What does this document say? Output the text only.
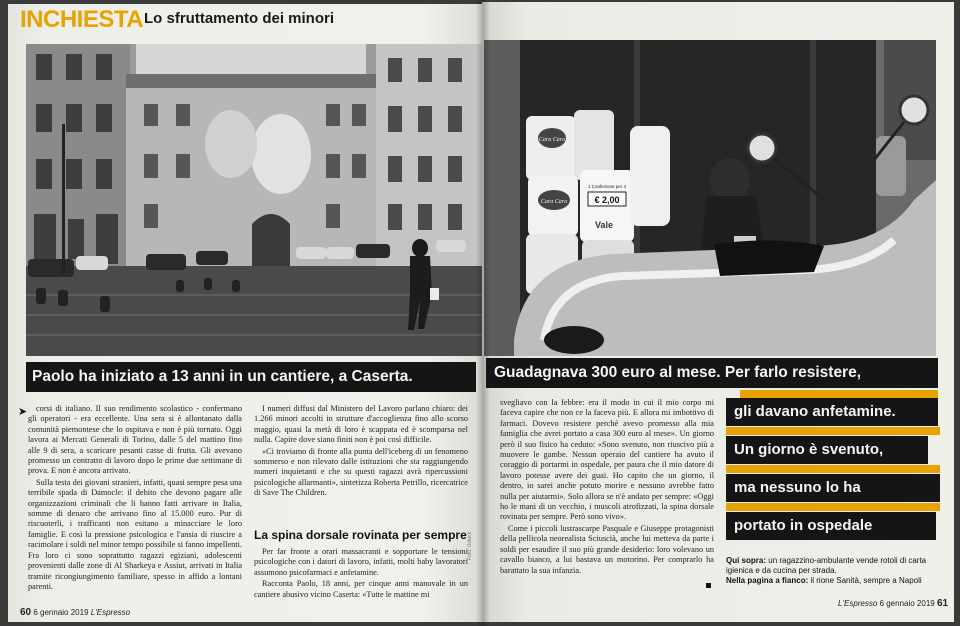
INCHIESTA Lo sfruttamento dei minori
€ 2,00
1 Confezione per 4
Cara Cara
Cara Cara
Vale
Paolo ha iniziato a 13 anni in un cantiere, a Caserta.	Guadagnava 300 euro al mese. Per farlo resistere,
gli davano anfetamine.
Un giorno è svenuto,
ma nessuno lo ha
portato in ospedale
➤	corsi di italiano. Il suo rendimento scolastico - confermano gli operatori - era eccellente. Una sera si è allontanato dalla comunità piemontese che lo ospitava e non è più tornato. Oggi lavora ai Mercati Generali di Torino, dalle 5 del mattino fino alle 9 di sera, a scaricare pesanti casse di frutta. Gli avevano promesso un contratto di lavoro dopo le prime due settimane di prova. E non è ancora arrivato.

Sulla testa dei giovani stranieri, infatti, quasi sempre pesa una terribile spada di Damocle: il debito che devono pagare alle organizzazioni criminali che li hanno fatti arrivare in Italia, somme di denaro che arrivano fino al 15.000 euro. Pur di riscuoterli, i trafficanti non esitano a minacciare le loro famiglie. E così la pressione psicologica e l'ansia di riuscire a racimolare i soldi nel minor tempo possibile si fanno impellenti. Fra loro ci sono soprattutto ragazzi egiziani, adolescenti provenienti dalle zone di Al Sharkeya e Assiut, arrivati in Italia tramite ricongiungimento familiare, spesso in affido a lontani parenti.

I numeri diffusi dal Ministero del Lavoro parlano chiaro: dei 1.266 minori accolti in strutture d'accoglienza fino allo scorso maggio, quasi la metà di loro è scappata ed è scomparsa nel nulla. Capire dove siano finiti non è poi così difficile.

«Ci troviamo di fronte alla punta dell'iceberg di un fenomeno sommerso e non rilevato dalle istituzioni che sta raggiungendo numeri inquietanti e che su questi ragazzi avrà ripercussioni psicologiche allarmanti», sintetizza Roberta Petrillo, ricercatrice di Save The Children.

La spina dorsale rovinata per sempre

Per far fronte a orari massacranti e sopportare le tensioni psicologiche con i datori di lavoro, infatti, molti baby lavoratori assumono psicofarmaci e anfetamine.

Racconta Paolo, 18 anni, per cinque anni manovale in un cantiere abusivo vicino Caserta: «Tutte le mattine mi

svegliavo con la febbre: era il modo in cui il mio corpo mi faceva capire che non ce la faceva più. E allora mi imbottivo di farmaci. Dovevo resistere perché avevo promesso alla mia famiglia che avrei portato a casa 300 euro al mese». Un giorno però il suo fisico ha ceduto: «Sono svenuto, non riuscivo più a muovere le gambe. Nessun operaio del cantiere ha avuto il coraggio di portarmi in ospedale, per paura che il mio datore di lavoro potesse avere dei guai. Ho capito che un giorno, il dentro, io sarei anche potuto morire e nessuno avrebbe fatto nulla per aiutarmi». Solo allora se n'è andato per sempre: «Oggi ho le mani di un vecchio, i muscoli atrofizzati, la spina dorsale rovinata per sempre. Però sono vivo».

Come i piccoli lustrascarpe Pasquale e Giuseppe protagonisti della pellicola neorealista Sciuscià, anche lui metteva da parte i soldi per esaudire il suo più grande desiderio: loro volevano un cavallo bianco, a lui bastava un motorino. Per comprarlo ha barattato la sua infanzia.

Qui sopra: un ragazzino-ambulante vende rotoli di carta igienica e da cucina per strada.
Nella pagina a fianco: il rione Sanità, sempre a Napoli
Foto: Ustock
60 6 gennaio 2019 L'Espresso
L'Espresso 6 gennaio 2019 61
